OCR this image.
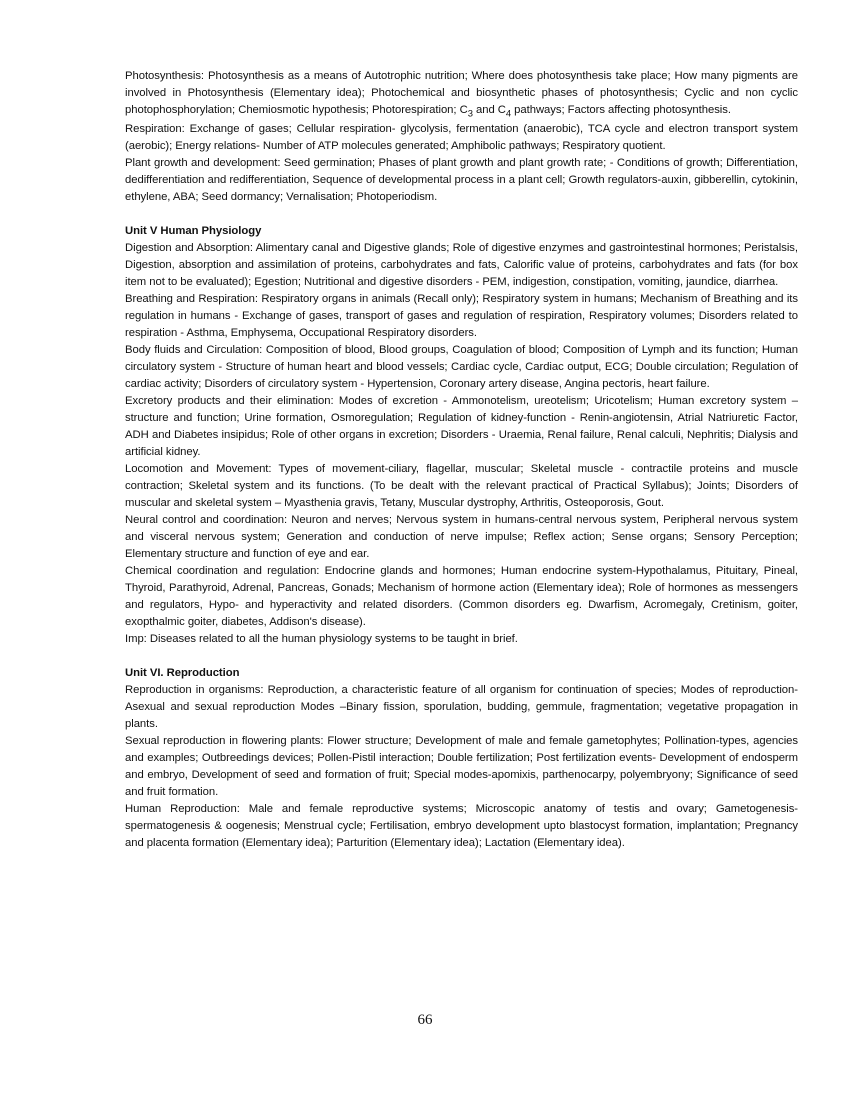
Photosynthesis: Photosynthesis as a means of Autotrophic nutrition; Where does photosynthesis take place; How many pigments are involved in Photosynthesis (Elementary idea); Photochemical and biosynthetic phases of photosynthesis; Cyclic and non cyclic photophosphorylation; Chemiosmotic hypothesis; Photorespiration; $C_3$ and $C_4$ pathways; Factors affecting photosynthesis.

Respiration: Exchange of gases; Cellular respiration- glycolysis, fermentation (anaerobic), TCA cycle and electron transport system (aerobic); Energy relations- Number of ATP molecules generated; Amphibolic pathways; Respiratory quotient.

Plant growth and development: Seed germination; Phases of plant growth and plant growth rate; - Conditions of growth; Differentiation, dedifferentiation and redifferentiation, Sequence of developmental process in a plant cell; Growth regulators-auxin, gibberellin, cytokinin, ethylene, ABA; Seed dormancy; Vernalisation; Photoperiodism.

Unit V Human Physiology

Digestion and Absorption: Alimentary canal and Digestive glands; Role of digestive enzymes and gastrointestinal hormones; Peristalsis, Digestion, absorption and assimilation of proteins, carbohydrates and fats, Calorific value of proteins, carbohydrates and fats (for box item not to be evaluated); Egestion; Nutritional and digestive disorders - PEM, indigestion, constipation, vomiting, jaundice, diarrhea.

Breathing and Respiration: Respiratory organs in animals (Recall only); Respiratory system in humans; Mechanism of Breathing and its regulation in humans - Exchange of gases, transport of gases and regulation of respiration, Respiratory volumes; Disorders related to respiration - Asthma, Emphysema, Occupational Respiratory disorders.

Body fluids and Circulation: Composition of blood, Blood groups, Coagulation of blood; Composition of Lymph and its function; Human circulatory system - Structure of human heart and blood vessels; Cardiac cycle, Cardiac output, ECG; Double circulation; Regulation of cardiac activity; Disorders of circulatory system - Hypertension, Coronary artery disease, Angina pectoris, heart failure.

Excretory products and their elimination: Modes of excretion - Ammonotelism, ureotelism; Uricotelism; Human excretory system – structure and function; Urine formation, Osmoregulation; Regulation of kidney-function - Renin-angiotensin, Atrial Natriuretic Factor, ADH and Diabetes insipidus; Role of other organs in excretion; Disorders - Uraemia, Renal failure, Renal calculi, Nephritis; Dialysis and artificial kidney.

Locomotion and Movement: Types of movement-ciliary, flagellar, muscular; Skeletal muscle - contractile proteins and muscle contraction; Skeletal system and its functions. (To be dealt with the relevant practical of Practical Syllabus); Joints; Disorders of muscular and skeletal system – Myasthenia gravis, Tetany, Muscular dystrophy, Arthritis, Osteoporosis, Gout.

Neural control and coordination: Neuron and nerves; Nervous system in humans-central nervous system, Peripheral nervous system and visceral nervous system; Generation and conduction of nerve impulse; Reflex action; Sense organs; Sensory Perception; Elementary structure and function of eye and ear.

Chemical coordination and regulation: Endocrine glands and hormones; Human endocrine system-Hypothalamus, Pituitary, Pineal, Thyroid, Parathyroid, Adrenal, Pancreas, Gonads; Mechanism of hormone action (Elementary idea); Role of hormones as messengers and regulators, Hypo- and hyperactivity and related disorders. (Common disorders eg. Dwarfism, Acromegaly, Cretinism, goiter, exopthalmic goiter, diabetes, Addison's disease).

Imp: Diseases related to all the human physiology systems to be taught in brief.

Unit VI. Reproduction

Reproduction in organisms: Reproduction, a characteristic feature of all organism for continuation of species; Modes of reproduction-Asexual and sexual reproduction Modes –Binary fission, sporulation, budding, gemmule, fragmentation; vegetative propagation in plants.

Sexual reproduction in flowering plants: Flower structure; Development of male and female gametophytes; Pollination-types, agencies and examples; Outbreedings devices; Pollen-Pistil interaction; Double fertilization; Post fertilization events- Development of endosperm and embryo, Development of seed and formation of fruit; Special modes-apomixis, parthenocarpy, polyembryony; Significance of seed and fruit formation.

Human Reproduction: Male and female reproductive systems; Microscopic anatomy of testis and ovary; Gametogenesis-spermatogenesis & oogenesis; Menstrual cycle; Fertilisation, embryo development upto blastocyst formation, implantation; Pregnancy and placenta formation (Elementary idea); Parturition (Elementary idea); Lactation (Elementary idea).

66
